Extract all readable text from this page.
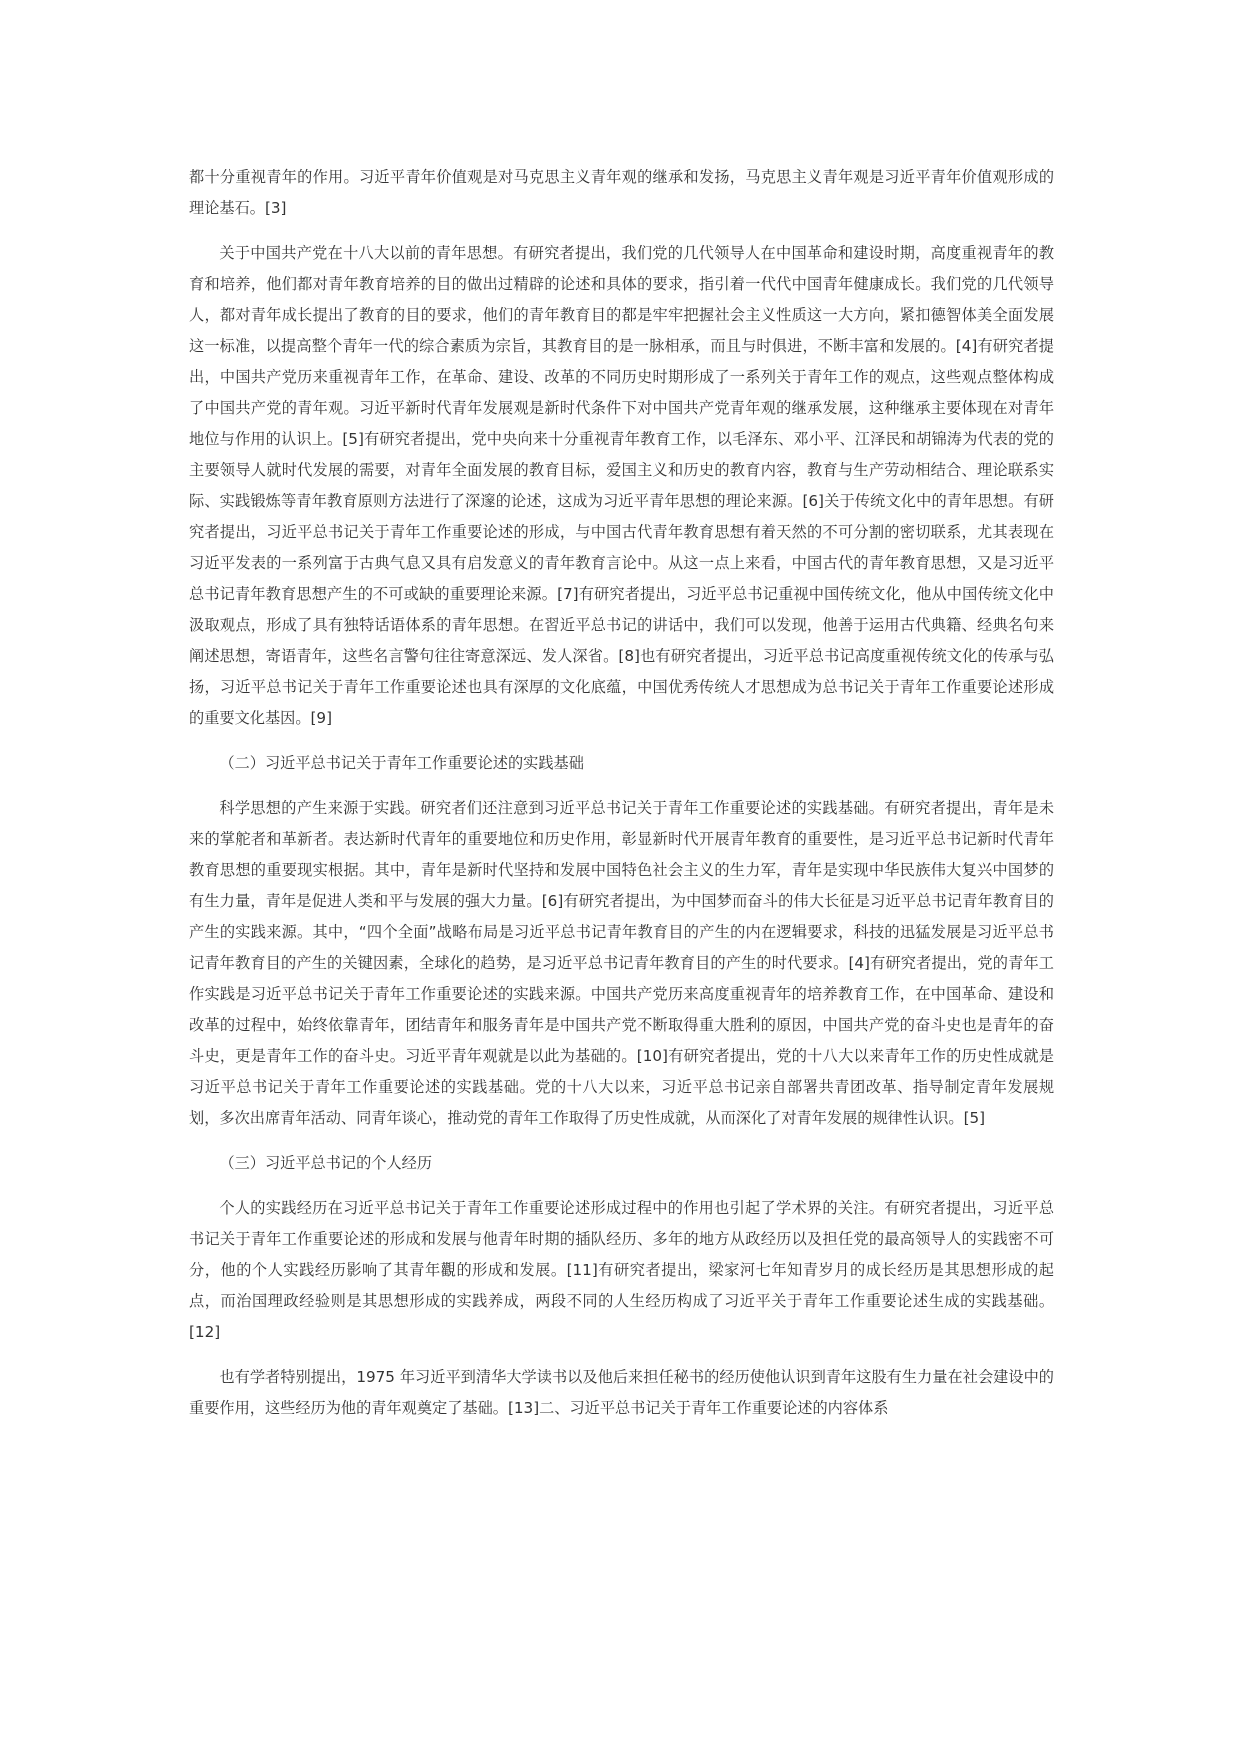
都十分重视青年的作用。习近平青年价值观是对马克思主义青年观的继承和发扬，马克思主义青年观是习近平青年价值观形成的理论基石。[3]

关于中国共产党在十八大以前的青年思想。有研究者提出，我们党的几代领导人在中国革命和建设时期，高度重视青年的教育和培养，他们都对青年教育培养的目的做出过精辟的论述和具体的要求，指引着一代代中国青年健康成长。我们党的几代领导人，都对青年成长提出了教育的目的要求，他们的青年教育目的都是牢牢把握社会主义性质这一大方向，紧扣德智体美全面发展这一标准，以提高整个青年一代的综合素质为宗旨，其教育目的是一脉相承，而且与时俱进，不断丰富和发展的。[4]有研究者提出，中国共产党历来重视青年工作，在革命、建设、改革的不同历史时期形成了一系列关于青年工作的观点，这些观点整体构成了中国共产党的青年观。习近平新时代青年发展观是新时代条件下对中国共产党青年观的继承发展，这种继承主要体现在对青年地位与作用的认识上。[5]有研究者提出，党中央向来十分重视青年教育工作，以毛泽东、邓小平、江泽民和胡锦涛为代表的党的主要领导人就时代发展的需要，对青年全面发展的教育目标，爱国主义和历史的教育内容，教育与生产劳动相结合、理论联系实际、实践锻炼等青年教育原则方法进行了深邃的论述，这成为习近平青年思想的理论来源。[6]关于传统文化中的青年思想。有研究者提出，习近平总书记关于青年工作重要论述的形成，与中国古代青年教育思想有着天然的不可分割的密切联系，尤其表现在习近平发表的一系列富于古典气息又具有启发意义的青年教育言论中。从这一点上来看，中国古代的青年教育思想，又是习近平总书记青年教育思想产生的不可或缺的重要理论来源。[7]有研究者提出，习近平总书记重视中国传统文化，他从中国传统文化中汲取观点，形成了具有独特话语体系的青年思想。在習近平总书记的讲话中，我们可以发现，他善于运用古代典籍、经典名句来阐述思想，寄语青年，这些名言警句往往寄意深远、发人深省。[8]也有研究者提出，习近平总书记高度重视传统文化的传承与弘扬，习近平总书记关于青年工作重要论述也具有深厚的文化底蕴，中国优秀传统人才思想成为总书记关于青年工作重要论述形成的重要文化基因。[9]

（二）习近平总书记关于青年工作重要论述的实践基础

科学思想的产生来源于实践。研究者们还注意到习近平总书记关于青年工作重要论述的实践基础。有研究者提出，青年是未来的掌舵者和革新者。表达新时代青年的重要地位和历史作用，彰显新时代开展青年教育的重要性，是习近平总书记新时代青年教育思想的重要现实根据。其中，青年是新时代坚持和发展中国特色社会主义的生力军，青年是实现中华民族伟大复兴中国梦的有生力量，青年是促进人类和平与发展的强大力量。[6]有研究者提出，为中国梦而奋斗的伟大长征是习近平总书记青年教育目的产生的实践来源。其中，“四个全面”战略布局是习近平总书记青年教育目的产生的内在逻辑要求，科技的迅猛发展是习近平总书记青年教育目的产生的关键因素，全球化的趋势，是习近平总书记青年教育目的产生的时代要求。[4]有研究者提出，党的青年工作实践是习近平总书记关于青年工作重要论述的实践来源。中国共产党历来高度重视青年的培养教育工作，在中国革命、建设和改革的过程中，始终依靠青年，团结青年和服务青年是中国共产党不断取得重大胜利的原因，中国共产党的奋斗史也是青年的奋斗史，更是青年工作的奋斗史。习近平青年观就是以此为基础的。[10]有研究者提出，党的十八大以来青年工作的历史性成就是习近平总书记关于青年工作重要论述的实践基础。党的十八大以来，习近平总书记亲自部署共青团改革、指导制定青年发展规划，多次出席青年活动、同青年谈心，推动党的青年工作取得了历史性成就，从而深化了对青年发展的规律性认识。[5]

（三）习近平总书记的个人经历

个人的实践经历在习近平总书记关于青年工作重要论述形成过程中的作用也引起了学术界的关注。有研究者提出，习近平总书记关于青年工作重要论述的形成和发展与他青年时期的插队经历、多年的地方从政经历以及担任党的最高领导人的实践密不可分，他的个人实践经历影响了其青年觀的形成和发展。[11]有研究者提出，梁家河七年知青岁月的成长经历是其思想形成的起点，而治国理政经验则是其思想形成的实践养成，两段不同的人生经历构成了习近平关于青年工作重要论述生成的实践基础。[12]

也有学者特别提出，1975 年习近平到清华大学读书以及他后来担任秘书的经历使他认识到青年这股有生力量在社会建设中的重要作用，这些经历为他的青年观奠定了基础。[13]二、习近平总书记关于青年工作重要论述的内容体系
